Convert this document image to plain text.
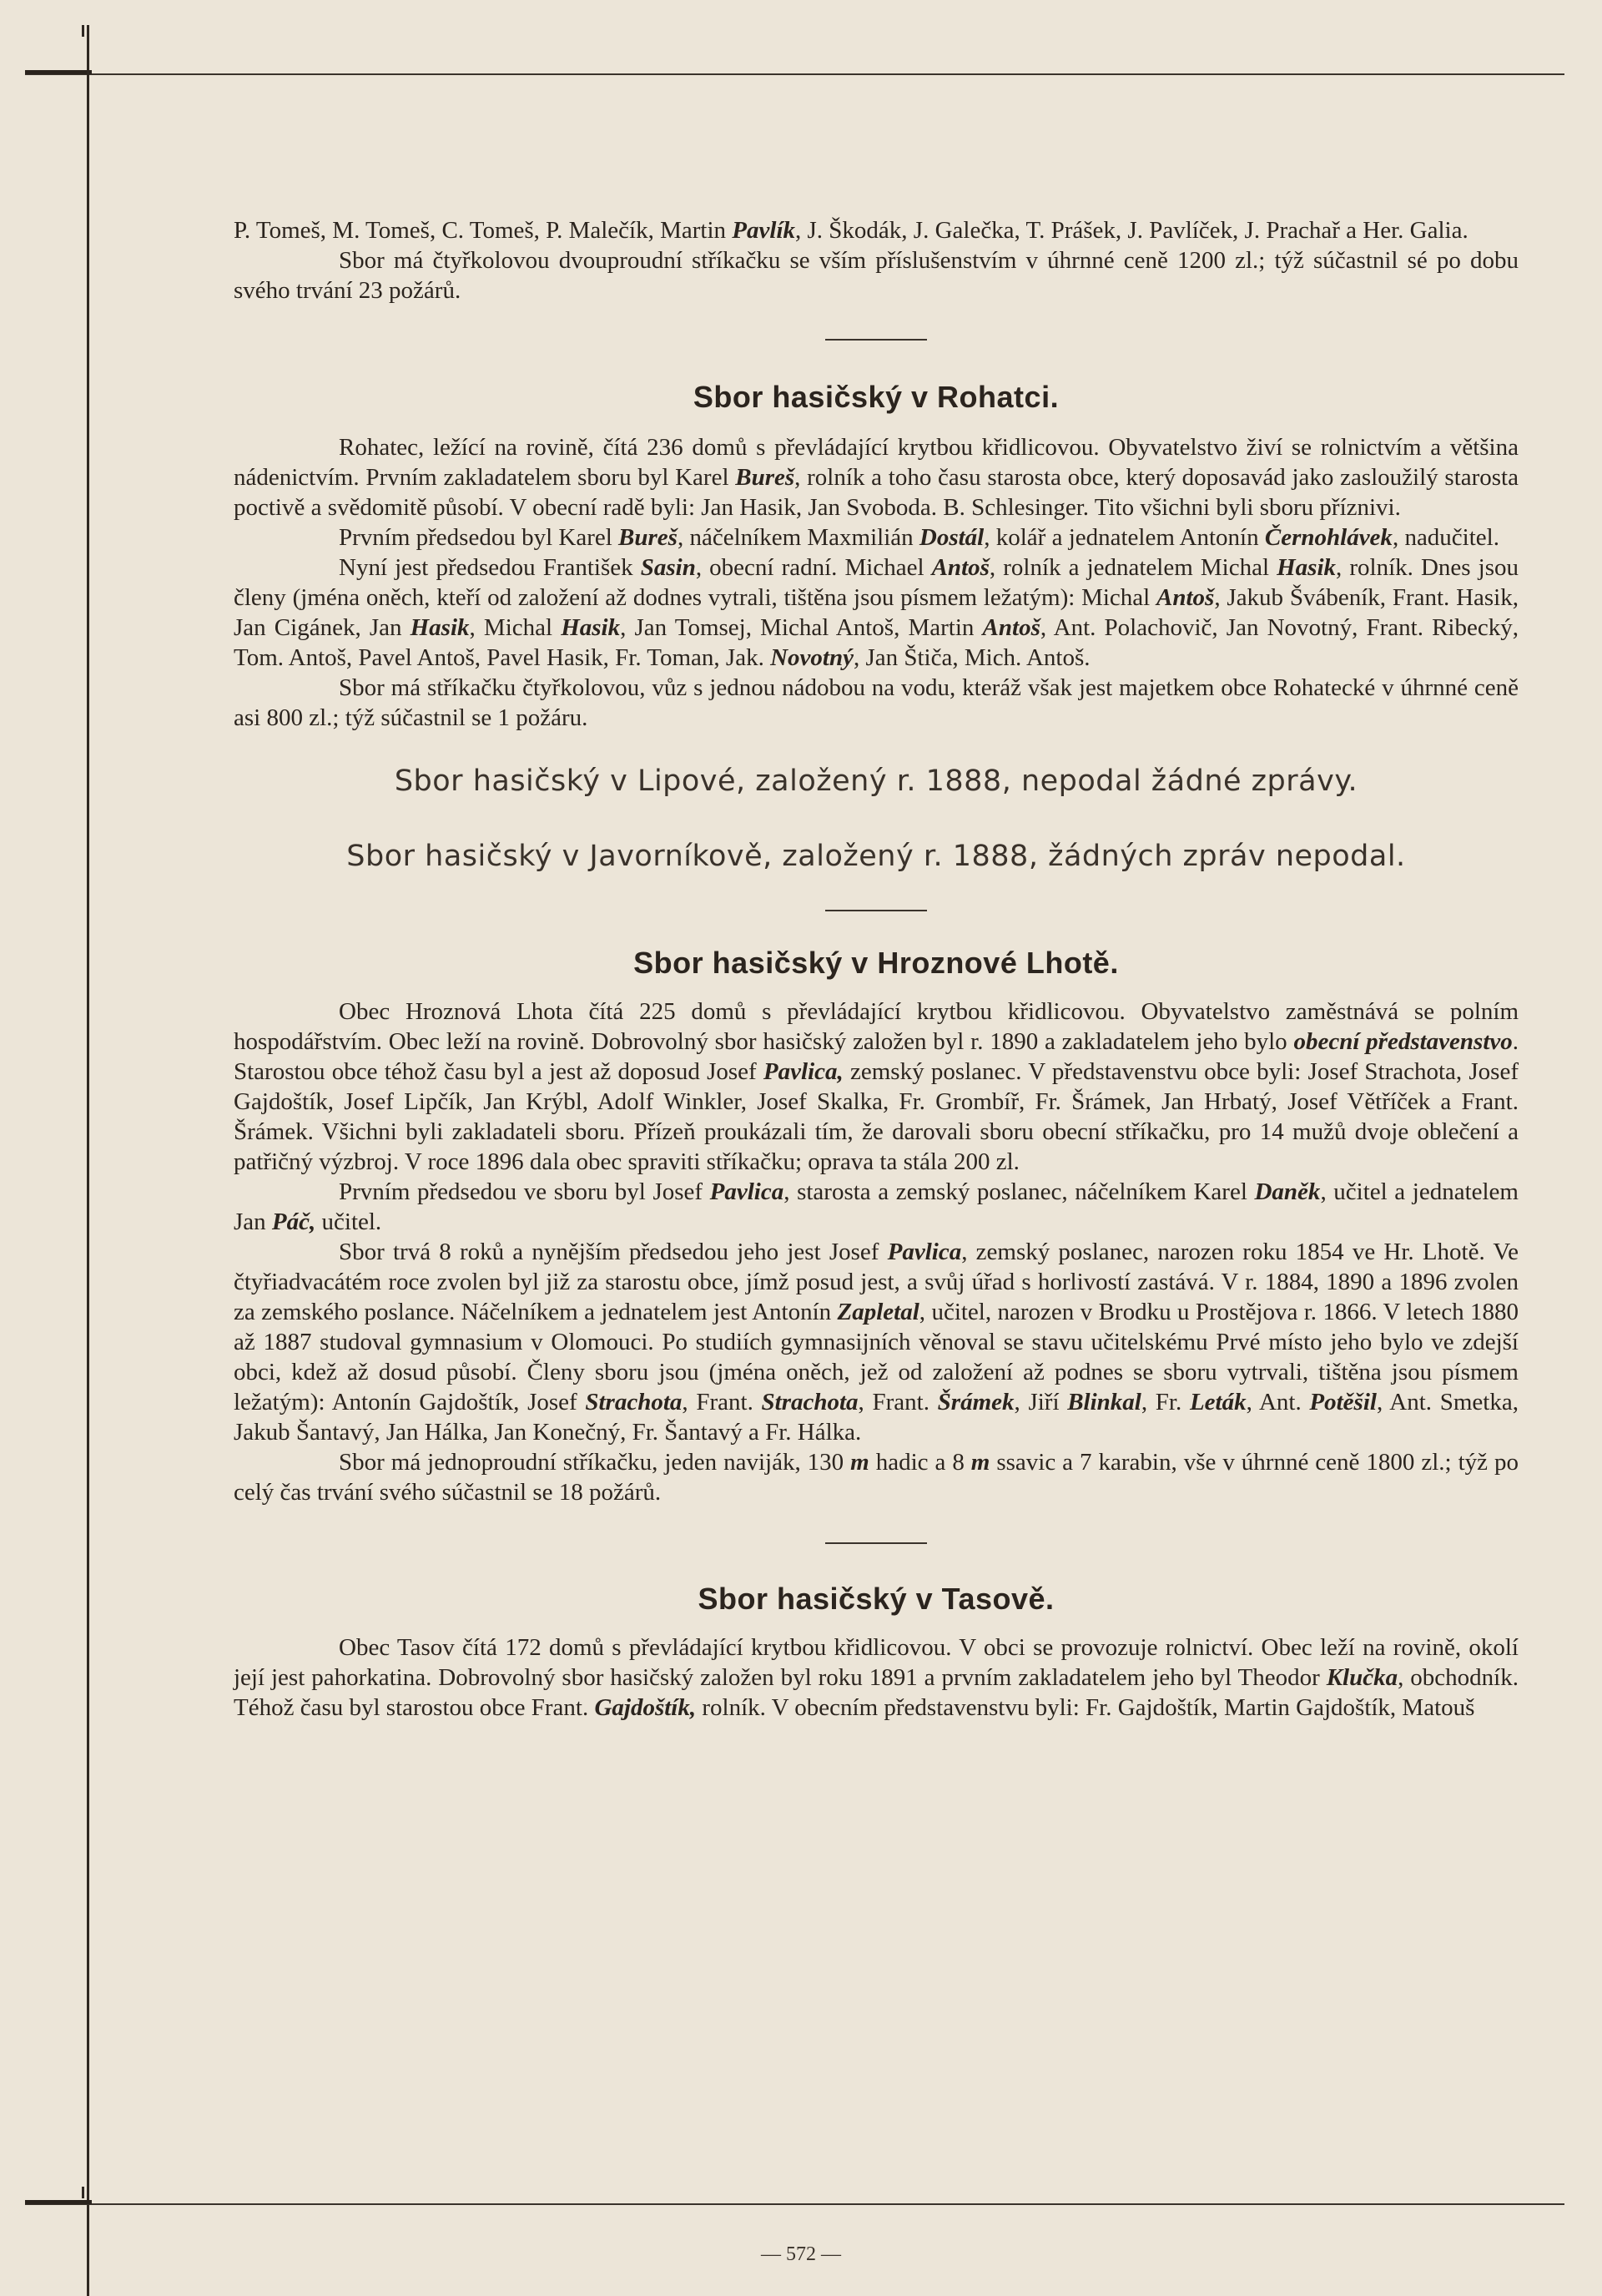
P. Tomeš, M. Tomeš, C. Tomeš, P. Malečík, Martin Pavlík, J. Škodák, J. Galečka, T. Prášek, J. Pavlíček, J. Prachař a Her. Galia.

Sbor má čtyřkolovou dvouproudní stříkačku se vším příslušenstvím v úhrnné ceně 1200 zl.; týž súčastnil sé po dobu svého trvání 23 požárů.

Sbor hasičský v Rohatci.

Rohatec, ležící na rovině, čítá 236 domů s převládající krytbou křidlicovou. Obyvatelstvo živí se rolnictvím a většina nádenictvím. Prvním zakladatelem sboru byl Karel Bureš, rolník a toho času starosta obce, který doposavád jako zasloužilý starosta poctivě a svědomitě působí. V obecní radě byli: Jan Hasik, Jan Svoboda. B. Schlesinger. Tito všichni byli sboru příznivi.

Prvním předsedou byl Karel Bureš, náčelníkem Maxmilián Dostál, kolář a jednatelem Antonín Černohlávek, nadučitel.

Nyní jest předsedou František Sasin, obecní radní. Michael Antoš, rolník a jednatelem Michal Hasik, rolník. Dnes jsou členy (jména oněch, kteří od založení až dodnes vytrali, tištěna jsou písmem ležatým): Michal Antoš, Jakub Švábeník, Frant. Hasik, Jan Cigánek, Jan Hasik, Michal Hasik, Jan Tomsej, Michal Antoš, Martin Antoš, Ant. Polachovič, Jan Novotný, Frant. Ribecký, Tom. Antoš, Pavel Antoš, Pavel Hasik, Fr. Toman, Jak. Novotný, Jan Štiča, Mich. Antoš.

Sbor má stříkačku čtyřkolovou, vůz s jednou nádobou na vodu, kteráž však jest majetkem obce Rohatecké v úhrnné ceně asi 800 zl.; týž súčastnil se 1 požáru.

Sbor hasičský v Lipové, založený r. 1888, nepodal žádné zprávy.
Sbor hasičský v Javorníkově, založený r. 1888, žádných zpráv nepodal.
Sbor hasičský v Hroznové Lhotě.

Obec Hroznová Lhota čítá 225 domů s převládající krytbou křidlicovou. Obyvatelstvo zaměstnává se polním hospodářstvím. Obec leží na rovině. Dobrovolný sbor hasičský založen byl r. 1890 a zakladatelem jeho bylo obecní představenstvo. Starostou obce téhož času byl a jest až doposud Josef Pavlica, zemský poslanec. V představenstvu obce byli: Josef Strachota, Josef Gajdoštík, Josef Lipčík, Jan Krýbl, Adolf Winkler, Josef Skalka, Fr. Grombíř, Fr. Šrámek, Jan Hrbatý, Josef Větříček a Frant. Šrámek. Všichni byli zakladateli sboru. Přízeň proukázali tím, že darovali sboru obecní stříkačku, pro 14 mužů dvoje oblečení a patřičný výzbroj. V roce 1896 dala obec spraviti stříkačku; oprava ta stála 200 zl.

Prvním předsedou ve sboru byl Josef Pavlica, starosta a zemský poslanec, náčelníkem Karel Daněk, učitel a jednatelem Jan Páč, učitel.

Sbor trvá 8 roků a nynějším předsedou jeho jest Josef Pavlica, zemský poslanec, narozen roku 1854 ve Hr. Lhotě. Ve čtyřiadvacátém roce zvolen byl již za starostu obce, jímž posud jest, a svůj úřad s horlivostí zastává. V r. 1884, 1890 a 1896 zvolen za zemského poslance. Náčelníkem a jednatelem jest Antonín Zapletal, učitel, narozen v Brodku u Prostějova r. 1866. V letech 1880 až 1887 studoval gymnasium v Olomouci. Po studiích gymnasijních věnoval se stavu učitelskému Prvé místo jeho bylo ve zdejší obci, kdež až dosud působí. Členy sboru jsou (jména oněch, jež od založení až podnes se sboru vytrvali, tištěna jsou písmem ležatým): Antonín Gajdoštík, Josef Strachota, Frant. Strachota, Frant. Šrámek, Jiří Blinkal, Fr. Leták, Ant. Potěšil, Ant. Smetka, Jakub Šantavý, Jan Hálka, Jan Konečný, Fr. Šantavý a Fr. Hálka.

Sbor má jednoproudní stříkačku, jeden naviják, 130 m hadic a 8 m ssavic a 7 karabin, vše v úhrnné ceně 1800 zl.; týž po celý čas trvání svého súčastnil se 18 požárů.

Sbor hasičský v Tasově.

Obec Tasov čítá 172 domů s převládající krytbou křidlicovou. V obci se provozuje rolnictví. Obec leží na rovině, okolí její jest pahorkatina. Dobrovolný sbor hasičský založen byl roku 1891 a prvním zakladatelem jeho byl Theodor Klučka, obchodník. Téhož času byl starostou obce Frant. Gajdoštík, rolník. V obecním představenstvu byli: Fr. Gajdoštík, Martin Gajdoštík, Matouš

— 572 —
